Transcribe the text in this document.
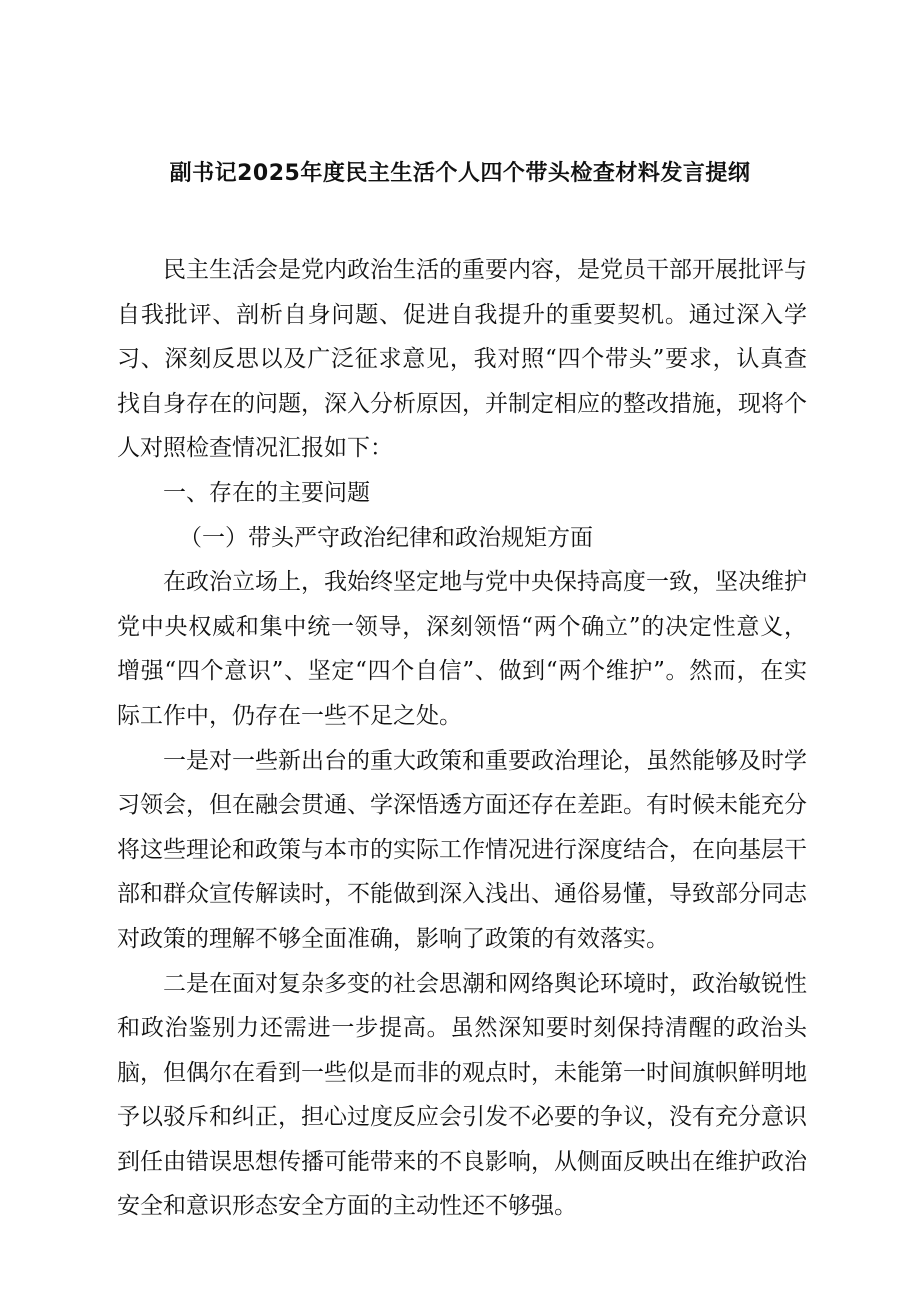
副书记2025年度民主生活个人四个带头检查材料发言提纲

民主生活会是党内政治生活的重要内容，是党员干部开展批评与自我批评、剖析自身问题、促进自我提升的重要契机。通过深入学习、深刻反思以及广泛征求意见，我对照“四个带头”要求，认真查找自身存在的问题，深入分析原因，并制定相应的整改措施，现将个人对照检查情况汇报如下：

一、存在的主要问题

（一）带头严守政治纪律和政治规矩方面

在政治立场上，我始终坚定地与党中央保持高度一致，坚决维护党中央权威和集中统一领导，深刻领悟“两个确立”的决定性意义，增强“四个意识”、坚定“四个自信”、做到“两个维护”。然而，在实际工作中，仍存在一些不足之处。

一是对一些新出台的重大政策和重要政治理论，虽然能够及时学习领会，但在融会贯通、学深悟透方面还存在差距。有时候未能充分将这些理论和政策与本市的实际工作情况进行深度结合，在向基层干部和群众宣传解读时，不能做到深入浅出、通俗易懂，导致部分同志对政策的理解不够全面准确，影响了政策的有效落实。

二是在面对复杂多变的社会思潮和网络舆论环境时，政治敏锐性和政治鉴别力还需进一步提高。虽然深知要时刻保持清醒的政治头脑，但偶尔在看到一些似是而非的观点时，未能第一时间旗帜鲜明地予以驳斥和纠正，担心过度反应会引发不必要的争议，没有充分意识到任由错误思想传播可能带来的不良影响，从侧面反映出在维护政治安全和意识形态安全方面的主动性还不够强。
